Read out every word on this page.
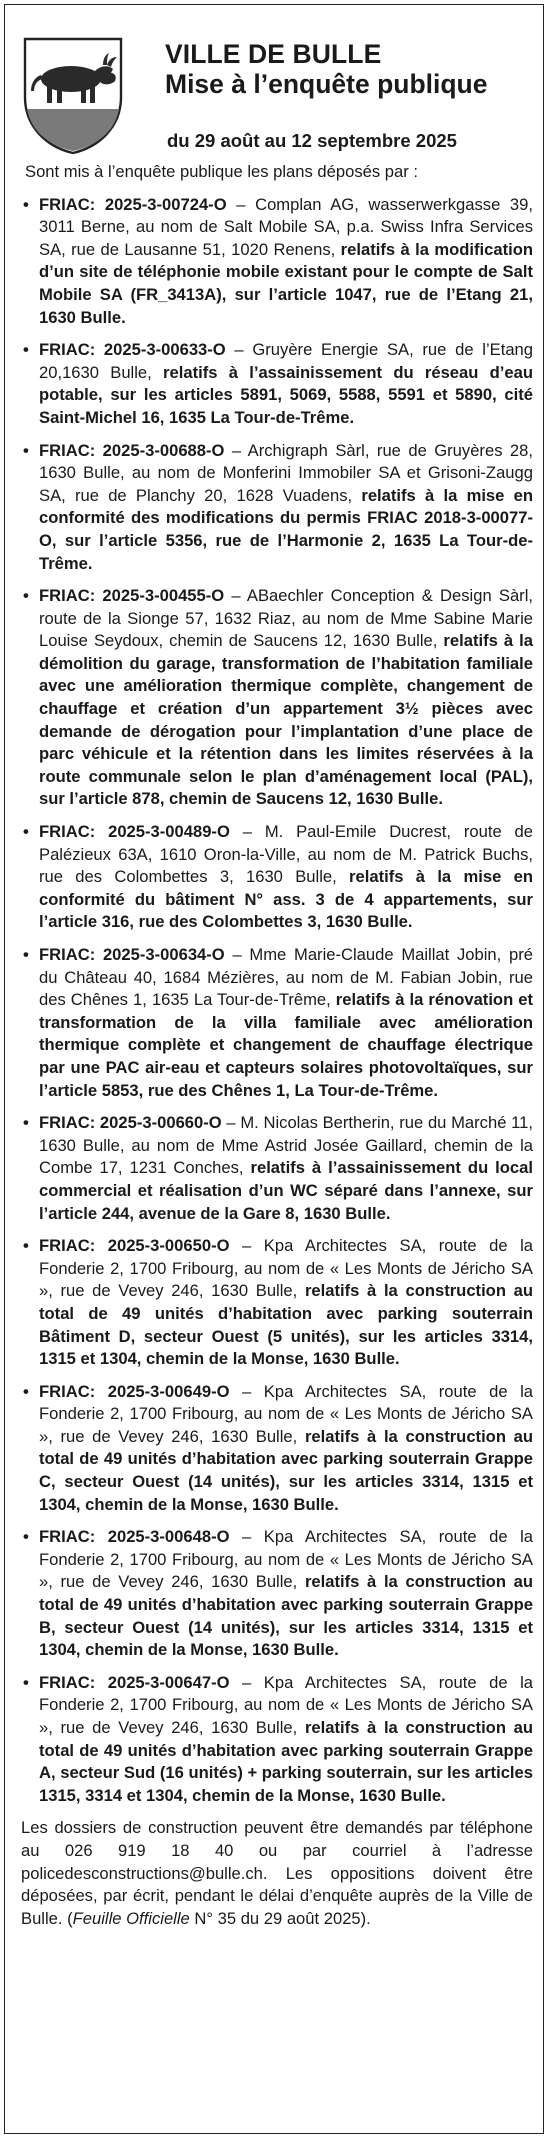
VILLE DE BULLE
Mise à l’enquête publique
du 29 août au 12 septembre 2025

Sont mis à l’enquête publique les plans déposés par :

• FRIAC: 2025-3-00724-O – Complan AG, wasserwerkgasse 39, 3011 Berne, au nom de Salt Mobile SA, p.a. Swiss Infra Services SA, rue de Lausanne 51, 1020 Renens, relatifs à la modification d’un site de téléphonie mobile existant pour le compte de Salt Mobile SA (FR_3413A), sur l’article 1047, rue de l’Etang 21, 1630 Bulle.
• FRIAC: 2025-3-00633-O – Gruyère Energie SA, rue de l’Etang 20,1630 Bulle, relatifs à l’assainissement du réseau d’eau potable, sur les articles 5891, 5069, 5588, 5591 et 5890, cité Saint-Michel 16, 1635 La Tour-de-Trême.
• FRIAC: 2025-3-00688-O – Archigraph Sàrl, rue de Gruyères 28, 1630 Bulle, au nom de Monferini Immobiler SA et Grisoni-Zaugg SA, rue de Planchy 20, 1628 Vuadens, relatifs à la mise en conformité des modifications du permis FRIAC 2018-3-00077-O, sur l’article 5356, rue de l’Harmonie 2, 1635 La Tour-de-Trême.
• FRIAC: 2025-3-00455-O – ABaechler Conception & Design Sàrl, route de la Sionge 57, 1632 Riaz, au nom de Mme Sabine Marie Louise Seydoux, chemin de Saucens 12, 1630 Bulle, relatifs à la démolition du garage, transformation de l’habitation familiale avec une amélioration thermique complète, changement de chauffage et création d’un appartement 3½ pièces avec demande de dérogation pour l’implantation d’une place de parc véhicule et la rétention dans les limites réservées à la route communale selon le plan d’aménagement local (PAL), sur l’article 878, chemin de Saucens 12, 1630 Bulle.
• FRIAC: 2025-3-00489-O – M. Paul-Emile Ducrest, route de Palézieux 63A, 1610 Oron-la-Ville, au nom de M. Patrick Buchs, rue des Colombettes 3, 1630 Bulle, relatifs à la mise en conformité du bâtiment N° ass. 3 de 4 appartements, sur l’article 316, rue des Colombettes 3, 1630 Bulle.
• FRIAC: 2025-3-00634-O – Mme Marie-Claude Maillat Jobin, pré du Château 40, 1684 Mézières, au nom de M. Fabian Jobin, rue des Chênes 1, 1635 La Tour-de-Trême, relatifs à la rénovation et transformation de la villa familiale avec amélioration thermique complète et changement de chauffage électrique par une PAC air-eau et capteurs solaires photovoltaïques, sur l’article 5853, rue des Chênes 1, La Tour-de-Trême.
• FRIAC: 2025-3-00660-O – M. Nicolas Bertherin, rue du Marché 11, 1630 Bulle, au nom de Mme Astrid Josée Gaillard, chemin de la Combe 17, 1231 Conches, relatifs à l’assainissement du local commercial et réalisation d’un WC séparé dans l’annexe, sur l’article 244, avenue de la Gare 8, 1630 Bulle.
• FRIAC: 2025-3-00650-O – Kpa Architectes SA, route de la Fonderie 2, 1700 Fribourg, au nom de « Les Monts de Jéricho SA », rue de Vevey 246, 1630 Bulle, relatifs à la construction au total de 49 unités d’habitation avec parking souterrain Bâtiment D, secteur Ouest (5 unités), sur les articles 3314, 1315 et 1304, chemin de la Monse, 1630 Bulle.
• FRIAC: 2025-3-00649-O – Kpa Architectes SA, route de la Fonderie 2, 1700 Fribourg, au nom de « Les Monts de Jéricho SA », rue de Vevey 246, 1630 Bulle, relatifs à la construction au total de 49 unités d’habitation avec parking souterrain Grappe C, secteur Ouest (14 unités), sur les articles 3314, 1315 et 1304, chemin de la Monse, 1630 Bulle.
• FRIAC: 2025-3-00648-O – Kpa Architectes SA, route de la Fonderie 2, 1700 Fribourg, au nom de « Les Monts de Jéricho SA », rue de Vevey 246, 1630 Bulle, relatifs à la construction au total de 49 unités d’habitation avec parking souterrain Grappe B, secteur Ouest (14 unités), sur les articles 3314, 1315 et 1304, chemin de la Monse, 1630 Bulle.
• FRIAC: 2025-3-00647-O – Kpa Architectes SA, route de la Fonderie 2, 1700 Fribourg, au nom de « Les Monts de Jéricho SA », rue de Vevey 246, 1630 Bulle, relatifs à la construction au total de 49 unités d’habitation avec parking souterrain Grappe A, secteur Sud (16 unités) + parking souterrain, sur les articles 1315, 3314 et 1304, chemin de la Monse, 1630 Bulle.

Les dossiers de construction peuvent être demandés par téléphone au 026 919 18 40 ou par courriel à l’adresse policedesconstructions@bulle.ch. Les oppositions doivent être déposées, par écrit, pendant le délai d’enquête auprès de la Ville de Bulle. (Feuille Officielle N° 35 du 29 août 2025).
